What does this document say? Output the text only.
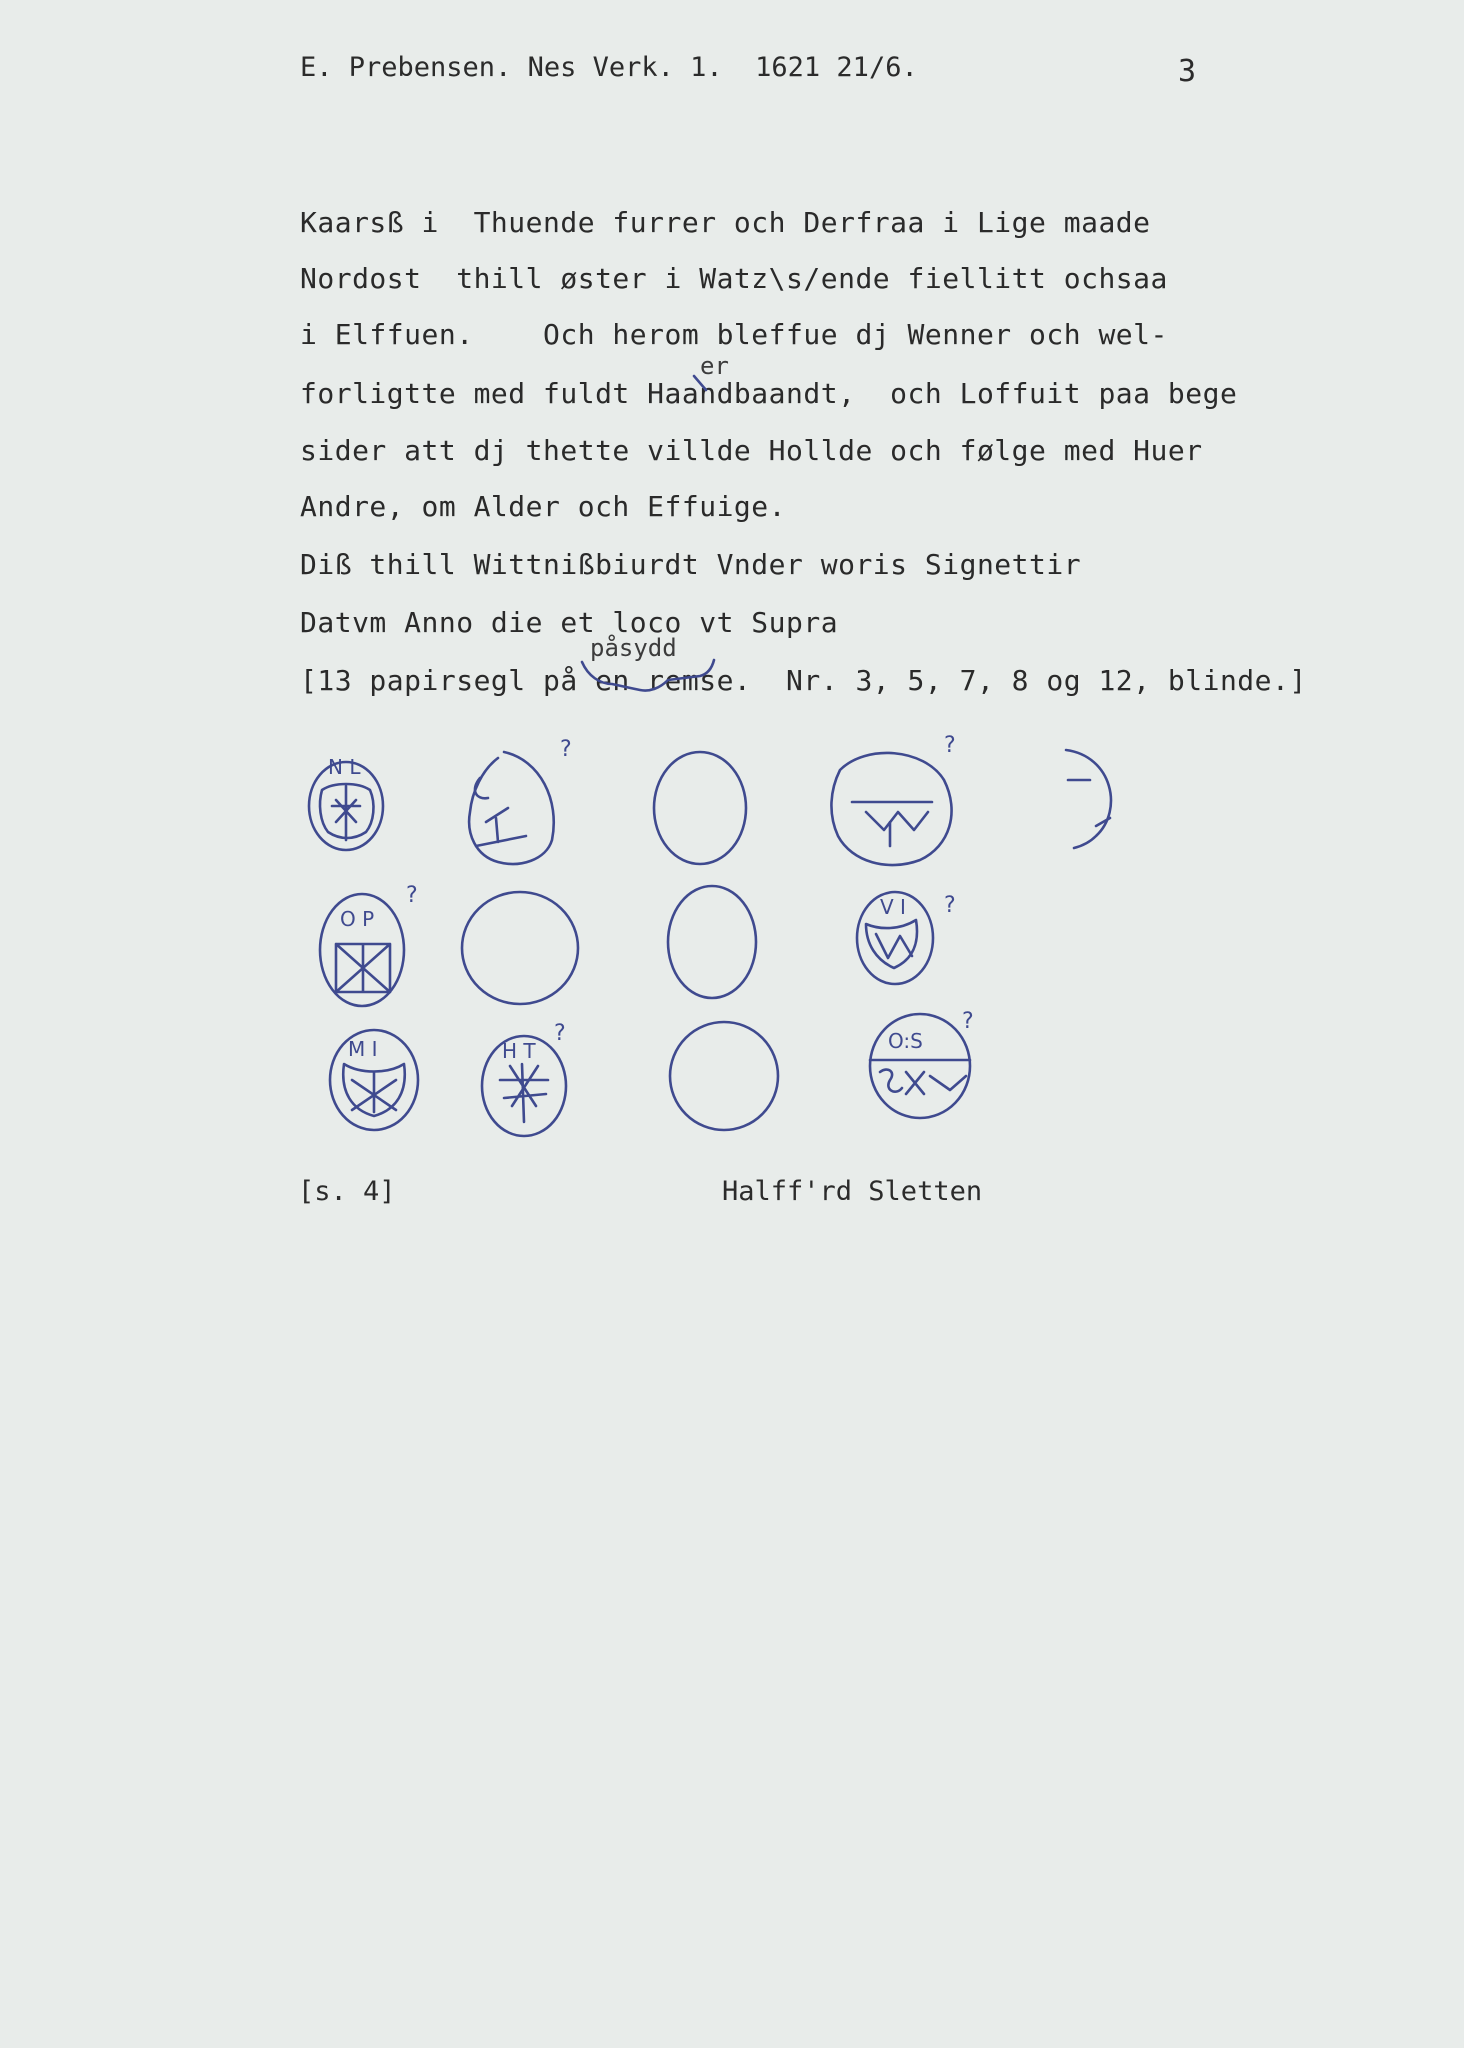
E. Prebensen. Nes Verk. 1.  1621 21/6.	3
Kaarsß i  Thuende furrer och Derfraa i Lige maade
Nordost  thill øster i Watz\s/ende fiellitt ochsaa
i Elffuen.    Och herom bleffue dj Wenner och wel-
er
forligtte med fuldt Haandbaandt,  och Loffuit paa bege
sider att dj thette villde Hollde och følge med Huer
Andre, om Alder och Effuige.
Diß thill Wittnißbiurdt Vnder woris Signettir
Datvm Anno die et loco vt Supra
påsydd
[13 papirsegl på en remse.  Nr. 3, 5, 7, 8 og 12, blinde.]
N L
?	?
O P
?	V I ?
M I	H T
?	O:S
?
[s. 4]	Halff'rd Sletten
